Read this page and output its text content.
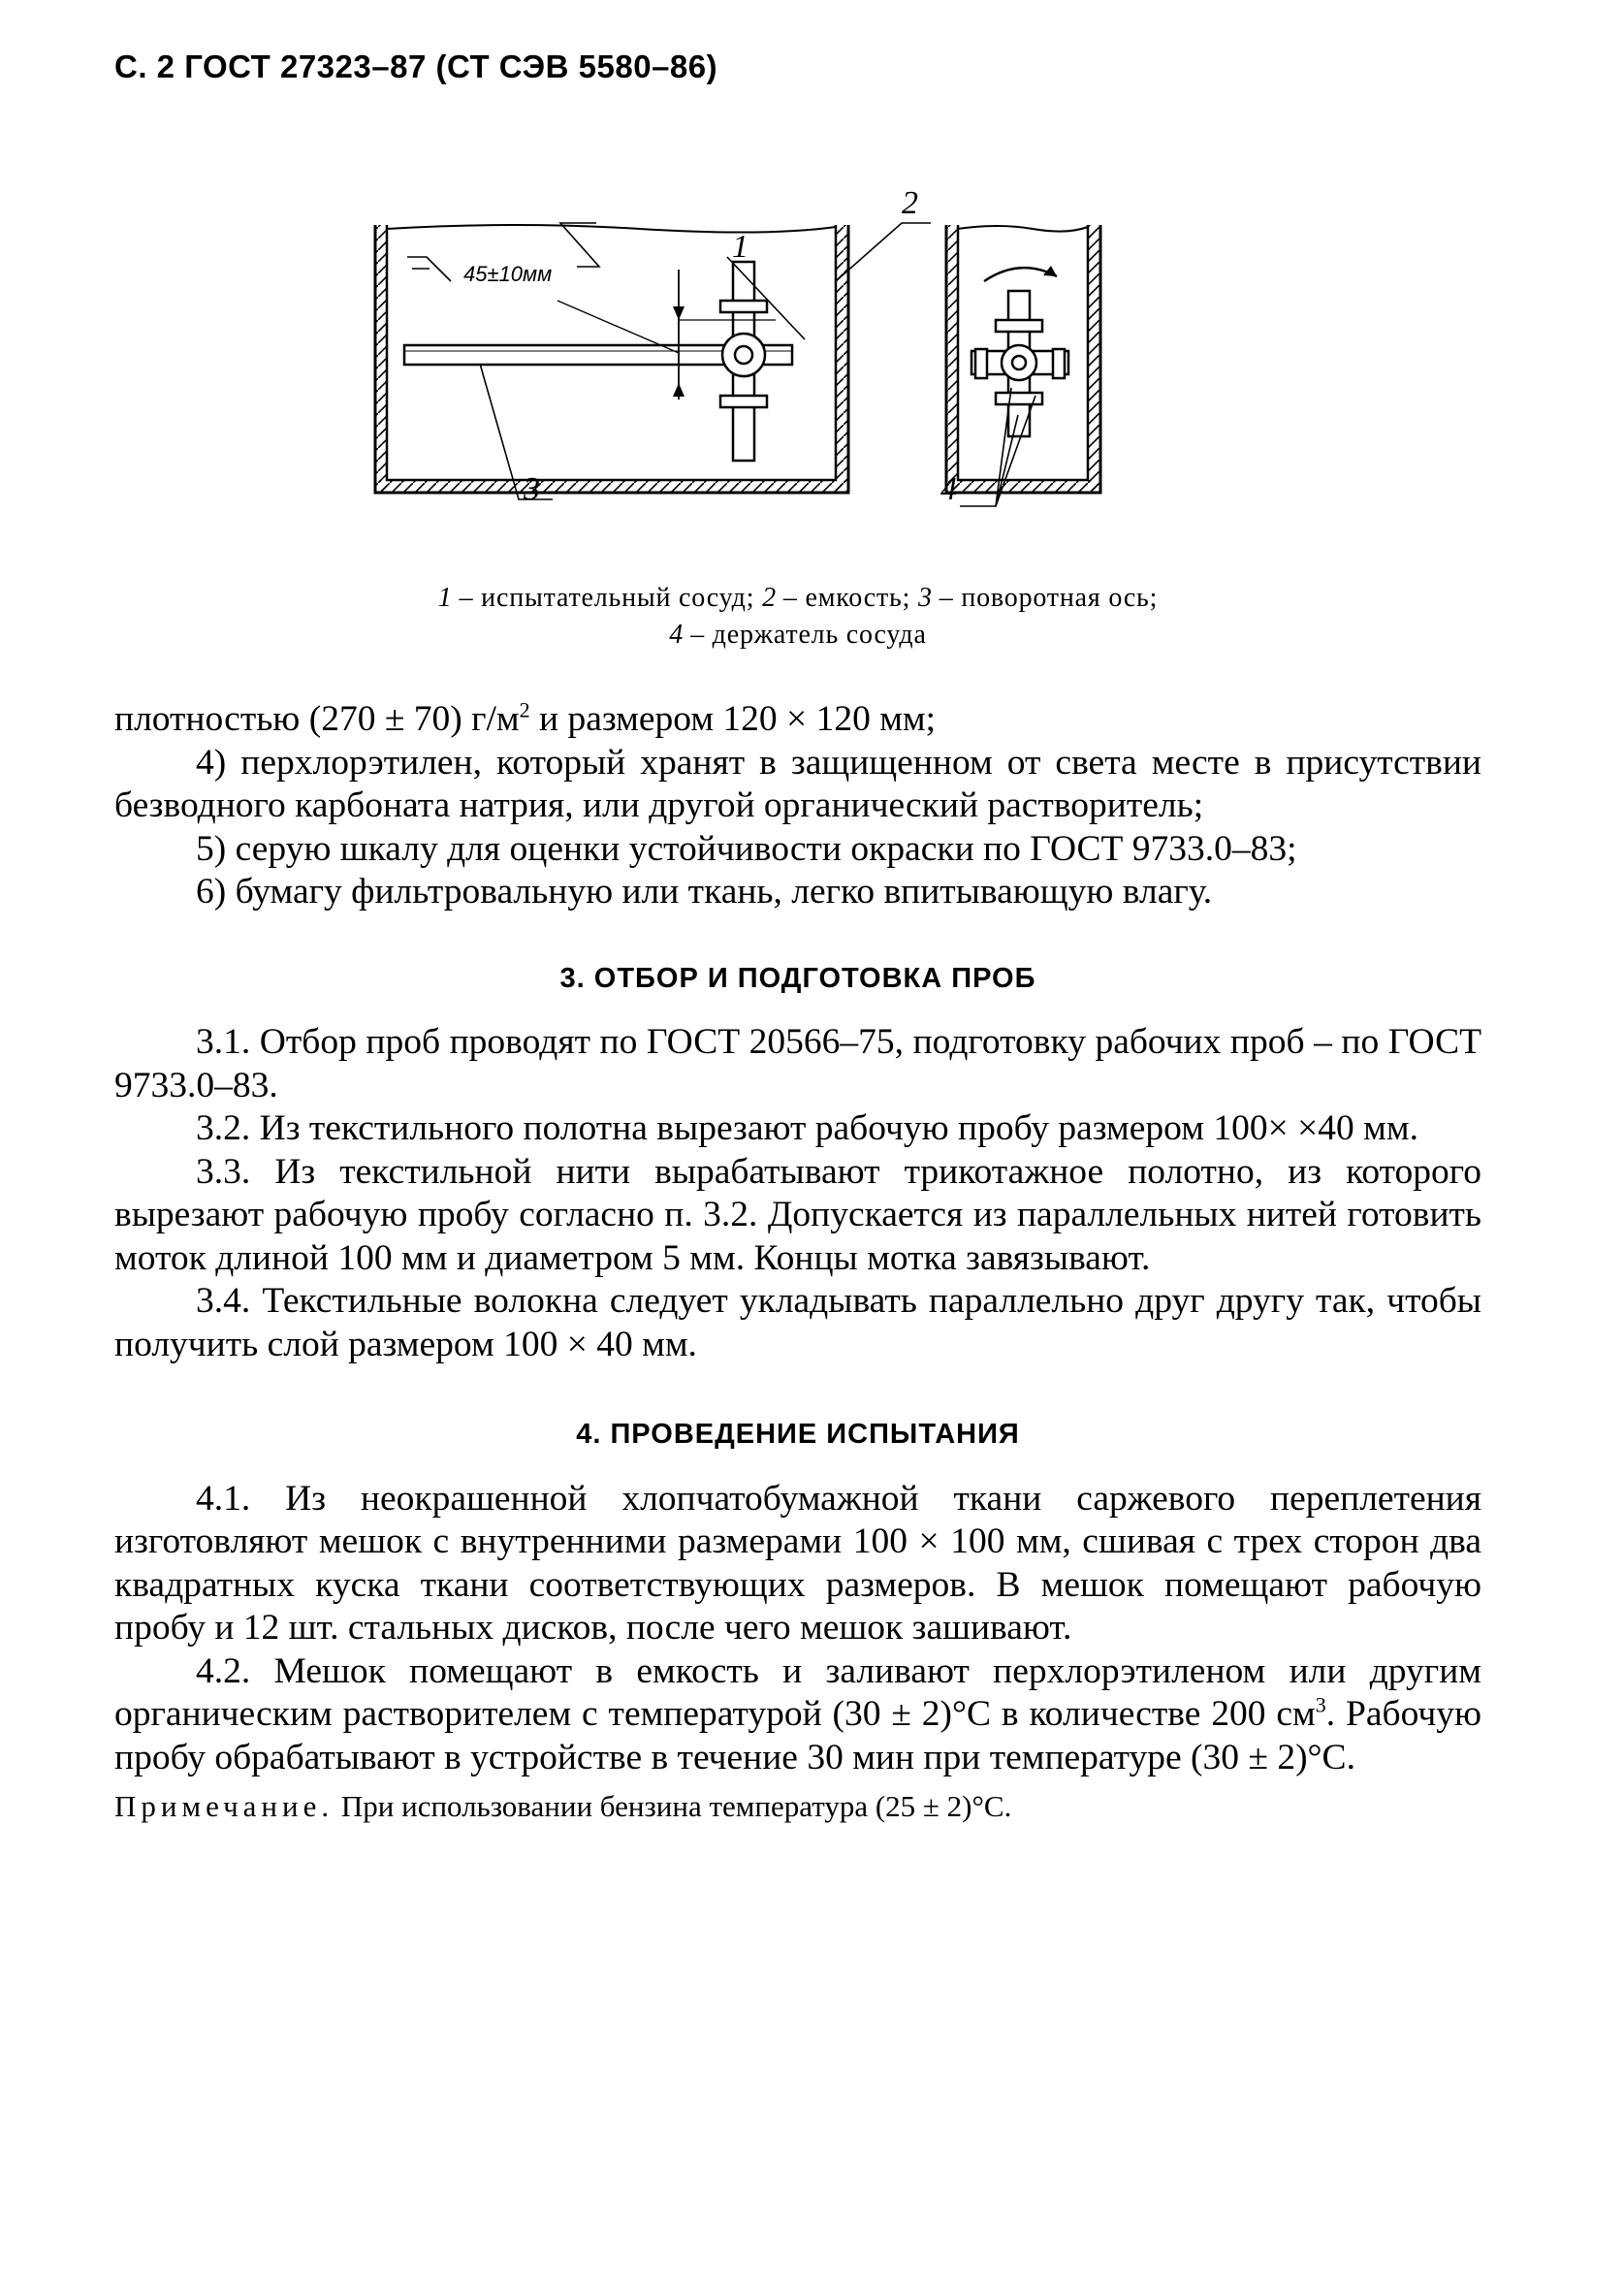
С. 2 ГОСТ 27323–87 (СТ СЭВ 5580–86)
45±10мм
1
2
3	4
1 – испытательный сосуд; 2 – емкость; 3 – поворотная ось;
4 – держатель сосуда

плотностью (270 ± 70) $г/м^2$ и размером 120 × 120 мм;

4) перхлорэтилен, который хранят в защищенном от света месте в присутствии безводного карбоната натрия, или другой органический растворитель;

5) серую шкалу для оценки устойчивости окраски по ГОСТ 9733.0–83;

6) бумагу фильтровальную или ткань, легко впитывающую влагу.

3. ОТБОР И ПОДГОТОВКА ПРОБ

3.1. Отбор проб проводят по ГОСТ 20566–75, подготовку рабочих проб – по ГОСТ 9733.0–83.

3.2. Из текстильного полотна вырезают рабочую пробу размером 100× ×40 мм.

3.3. Из текстильной нити вырабатывают трикотажное полотно, из которого вырезают рабочую пробу согласно п. 3.2. Допускается из параллельных нитей готовить моток длиной 100 мм и диаметром 5 мм. Концы мотка завязывают.

3.4. Текстильные волокна следует укладывать параллельно друг другу так, чтобы получить слой размером 100 × 40 мм.

4. ПРОВЕДЕНИЕ ИСПЫТАНИЯ

4.1. Из неокрашенной хлопчатобумажной ткани саржевого переплетения изготовляют мешок с внутренними размерами 100 × 100 мм, сшивая с трех сторон два квадратных куска ткани соответствующих размеров. В мешок помещают рабочую пробу и 12 шт. стальных дисков, после чего мешок зашивают.

4.2. Мешок помещают в емкость и заливают перхлорэтиленом или другим органическим растворителем с температурой (30 ± 2)°С в количестве 200 $см^3$. Рабочую пробу обрабатывают в устройстве в течение 30 мин при температуре (30 ± 2)°С.

Примечание. При использовании бензина температура (25 ± 2)°С.
